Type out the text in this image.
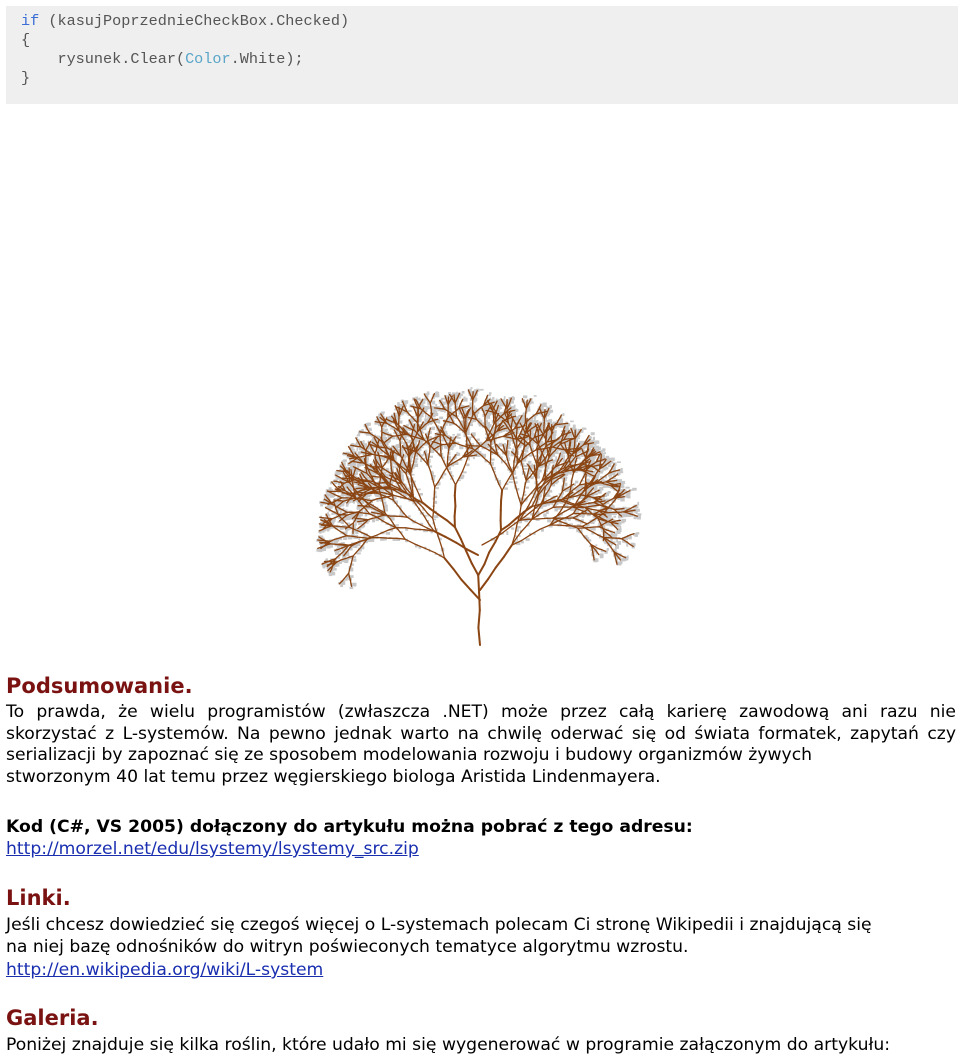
if (kasujPoprzednieCheckBox.Checked)
{
rysunek.Clear(Color.White);
}
Podsumowanie.

To prawda, że wielu programistów (zwłaszcza .NET) może przez całą karierę zawodową ani razu nie skorzystać z L-systemów. Na pewno jednak warto na chwilę oderwać się od świata formatek, zapytań czy serializacji by zapoznać się ze sposobem modelowania rozwoju i budowy organizmów żywych
stworzonym 40 lat temu przez węgierskiego biologa Aristida Lindenmayera.

Kod (C#, VS 2005) dołączony do artykułu można pobrać z tego adresu:

http://morzel.net/edu/lsystemy/lsystemy_src.zip
Linki.

Jeśli chcesz dowiedzieć się czegoś więcej o L-systemach polecam Ci stronę Wikipedii i znajdującą się
na niej bazę odnośników do witryn poświeconych tematyce algorytmu wzrostu.

http://en.wikipedia.org/wiki/L-system
Galeria.

Poniżej znajduje się kilka roślin, które udało mi się wygenerować w programie załączonym do artykułu:
